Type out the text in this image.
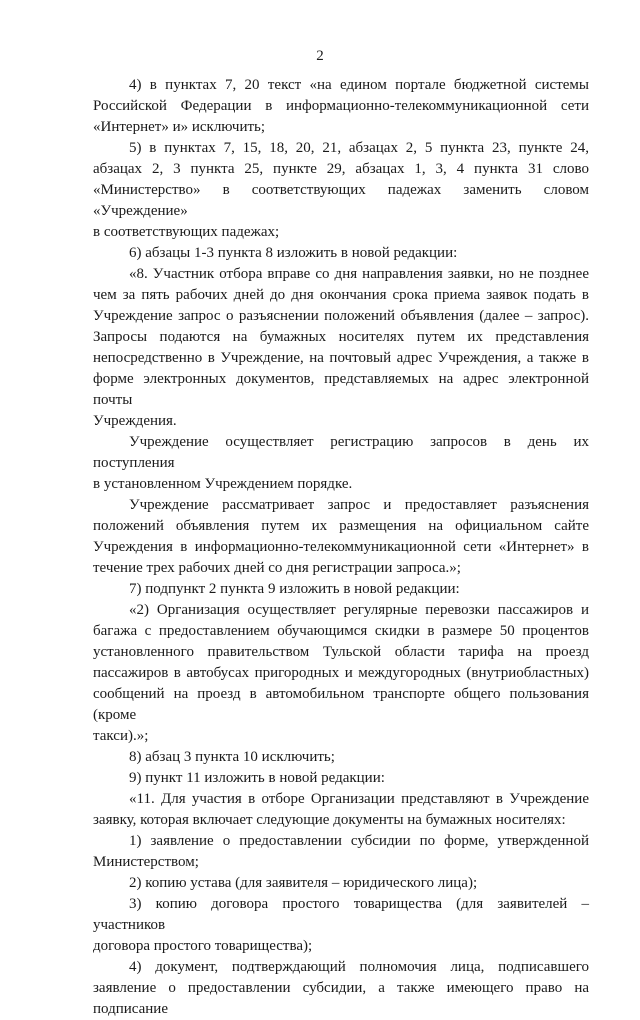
2
4) в пунктах 7, 20 текст «на едином портале бюджетной системы
Российской Федерации в информационно-телекоммуникационной сети
«Интернет» и» исключить;
5) в пунктах 7, 15, 18, 20, 21, абзацах 2, 5 пункта 23, пункте 24,
абзацах 2, 3 пункта 25, пункте 29, абзацах 1, 3, 4 пункта 31 слово
«Министерство» в соответствующих падежах заменить словом «Учреждение»
в соответствующих падежах;
6) абзацы 1-3 пункта 8 изложить в новой редакции:
«8. Участник отбора вправе со дня направления заявки, но не позднее
чем за пять рабочих дней до дня окончания срока приема заявок подать в
Учреждение запрос о разъяснении положений объявления (далее – запрос).
Запросы подаются на бумажных носителях путем их представления
непосредственно в Учреждение, на почтовый адрес Учреждения, а также в
форме электронных документов, представляемых на адрес электронной почты
Учреждения.
Учреждение осуществляет регистрацию запросов в день их поступления
в установленном Учреждением порядке.
Учреждение рассматривает запрос и предоставляет разъяснения
положений объявления путем их размещения на официальном сайте
Учреждения в информационно-телекоммуникационной сети «Интернет» в
течение трех рабочих дней со дня регистрации запроса.»;
7) подпункт 2 пункта 9 изложить в новой редакции:
«2) Организация осуществляет регулярные перевозки пассажиров и
багажа с предоставлением обучающимся скидки в размере 50 процентов
установленного правительством Тульской области тарифа на проезд
пассажиров в автобусах пригородных и междугородных (внутриобластных)
сообщений на проезд в автомобильном транспорте общего пользования (кроме
такси).»;
8) абзац 3 пункта 10 исключить;
9) пункт 11 изложить в новой редакции:
«11. Для участия в отборе Организации представляют в Учреждение
заявку, которая включает следующие документы на бумажных носителях:
1) заявление о предоставлении субсидии по форме, утвержденной
Министерством;
2) копию устава (для заявителя – юридического лица);
3) копию договора простого товарищества (для заявителей – участников
договора простого товарищества);
4) документ, подтверждающий полномочия лица, подписавшего
заявление о предоставлении субсидии, а также имеющего право на подписание
